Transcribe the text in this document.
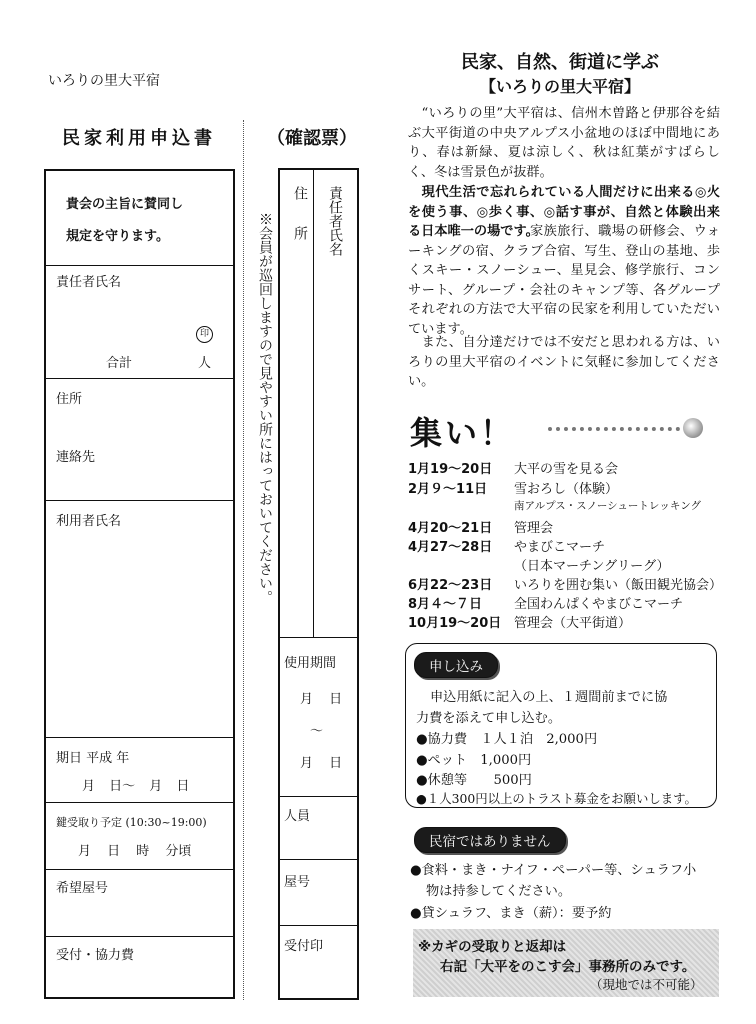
いろりの里大平宿
民家利用申込書
貴会の主旨に賛同し
規定を守ります。
責任者氏名
印
合計	人
住所
連絡先
利用者氏名
期日 平成 年
月 日～ 月 日
鍵受取り予定 (10:30~19:00)
月 日 時 分頃
希望屋号
受付・協力費
※会員が巡回しますので見やすい所にはっておいてください。
（確認票）
住所 責任者氏名
使用期間
月 日
～
月 日
人員
屋号
受付印
民家、自然、街道に学ぶ
【いろりの里大平宿】
　“いろりの里”大平宿は、信州木曽路と伊那谷を結ぶ大平街道の中央アルプス小盆地のほぼ中間地にあり、春は新緑、夏は涼しく、秋は紅葉がすばらしく、冬は雪景色が抜群。
　現代生活で忘れられている人間だけに出来る◎火を使う事、◎歩く事、◎話す事が、自然と体験出来る日本唯一の場です。
家族旅行、職場の研修会、ウォーキングの宿、クラブ合宿、写生、登山の基地、歩くスキー・スノーシュー、星見会、修学旅行、コンサート、グループ・会社のキャンプ等、各グループそれぞれの方法で大平宿の民家を利用していただいています。
　また、自分達だけでは不安だと思われる方は、いろりの里大平宿のイベントに気軽に参加してください。
集い！
1月19～20日 大平の雪を見る会
2月９～11日 雪おろし（体験）
南アルプス・スノーシュートレッキング
4月20～21日 管理会
4月27～28日 やまびこマーチ
（日本マーチングリーグ）
6月22～23日 いろりを囲む集い（飯田観光協会）
8月４～７日 全国わんぱくやまびこマーチ
10月19～20日 管理会（大平街道）
申し込み
申込用紙に記入の上、１週間前までに協
力費を添えて申し込む。
●協力費　１人１泊　2,000円
●ペット　1,000円
●休憩等　　500円
●１人300円以上のトラスト募金をお願いします。
民宿ではありません
●食料・まき・ナイフ・ペーパー等、シュラフ小
物は持参してください。
●貸シュラフ、まき（薪）：要予約
※カギの受取りと返却は
右記「大平をのこす会」事務所のみです。
（現地では不可能）
